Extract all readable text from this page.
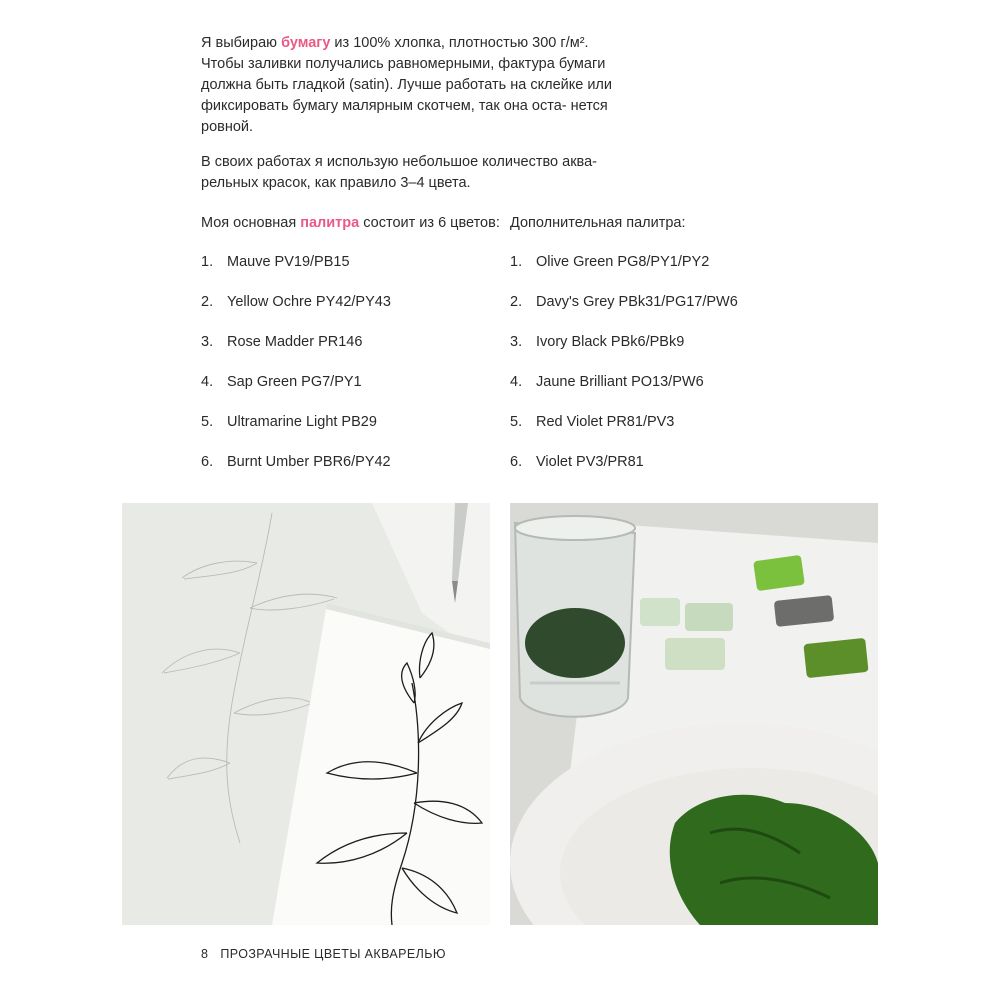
Я выбираю бумагу из 100% хлопка, плотностью 300 г/м². Чтобы заливки получались равномерными, фактура бумаги должна быть гладкой (satin). Лучше работать на склейке или фиксировать бумагу малярным скотчем, так она оста- нется ровной.

В своих работах я использую небольшое количество аква- рельных красок, как правило 3–4 цвета.

Моя основная палитра состоит из 6 цветов: Дополнительная палитра:

1. Mauve PV19/PB15
2. Yellow Ochre PY42/PY43
3. Rose Madder PR146
4. Sap Green PG7/PY1
5. Ultramarine Light PB29
6. Burnt Umber PBR6/PY42
1. Olive Green PG8/PY1/PY2
2. Davy's Grey PBk31/PG17/PW6
3. Ivory Black PBk6/PBk9
4. Jaune Brilliant PO13/PW6
5. Red Violet PR81/PV3
6. Violet PV3/PR81
8 ПРОЗРАЧНЫЕ ЦВЕТЫ АКВАРЕЛЬЮ
